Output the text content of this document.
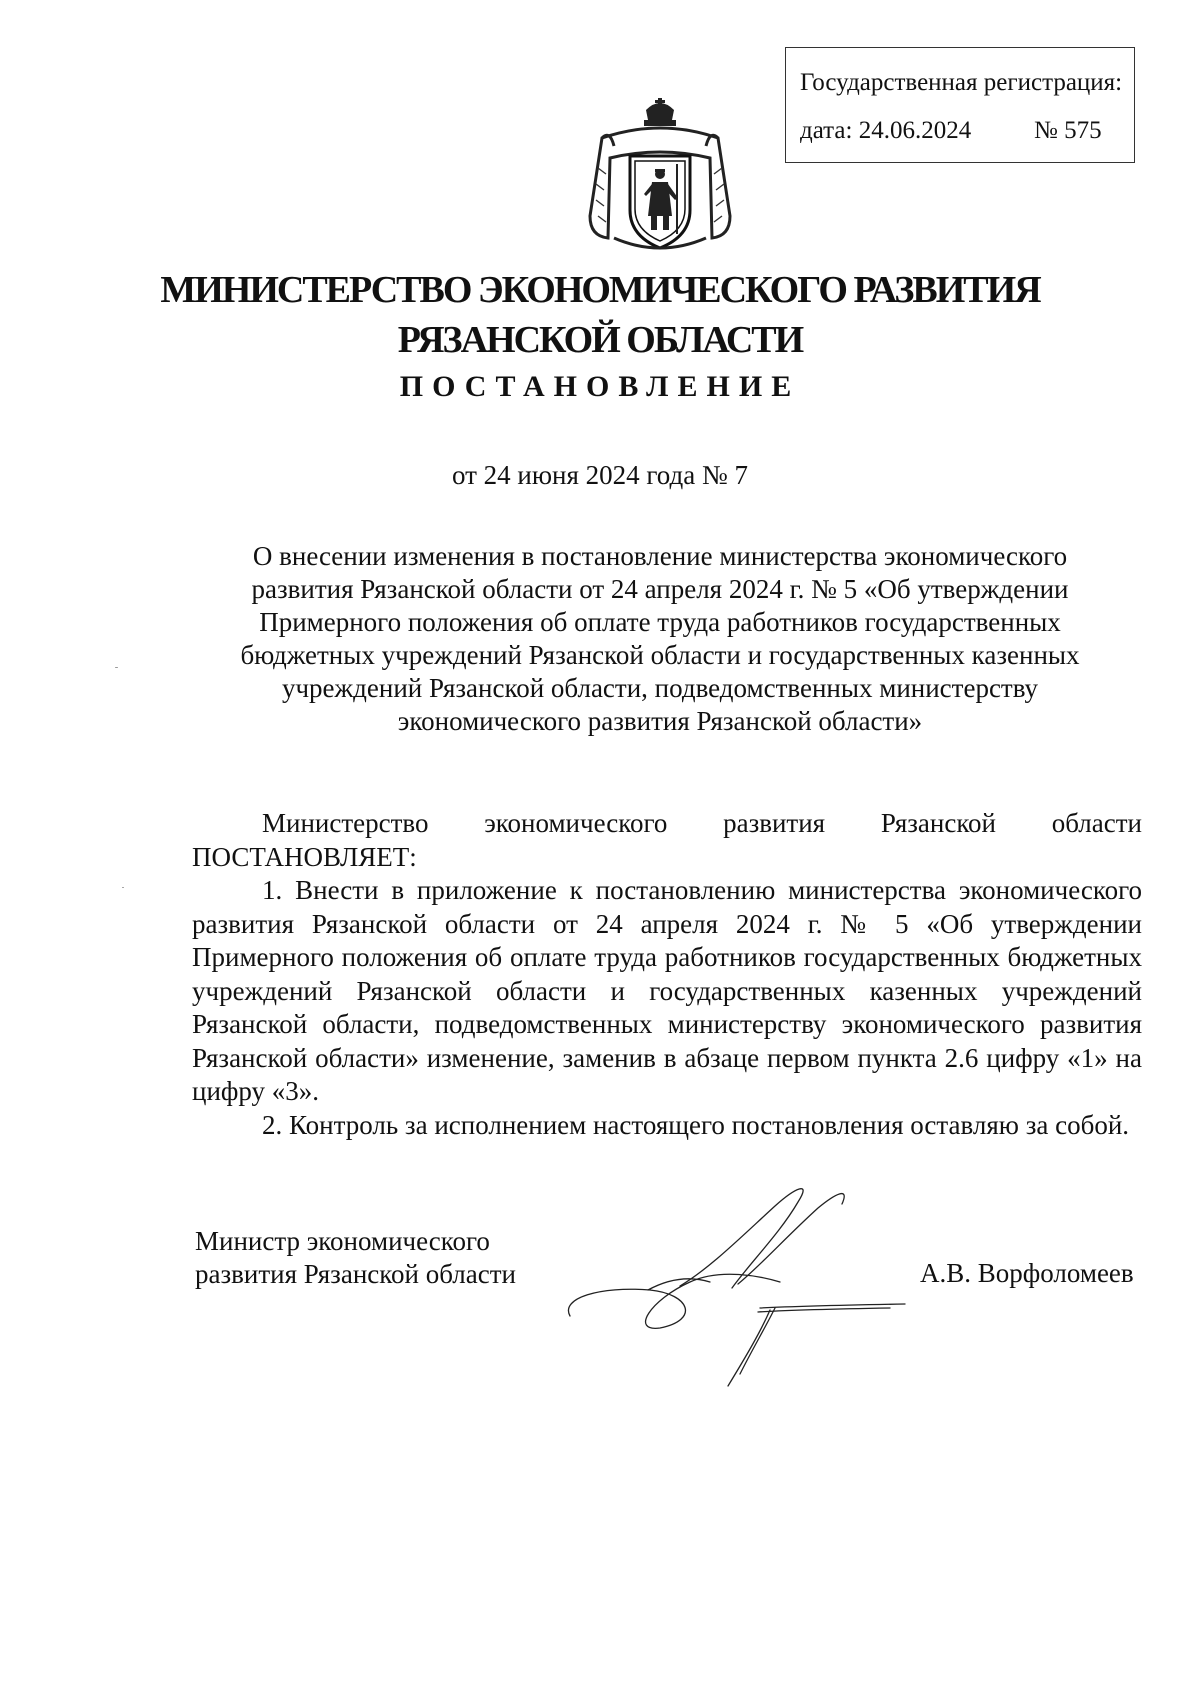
Государственная регистрация:
дата: 24.06.2024	№ 575
МИНИСТЕРСТВО ЭКОНОМИЧЕСКОГО РАЗВИТИЯ
РЯЗАНСКОЙ ОБЛАСТИ
ПОСТАНОВЛЕНИЕ
от 24 июня 2024 года № 7
О внесении изменения в постановление министерства экономического развития Рязанской области от 24 апреля 2024 г. № 5 «Об утверждении Примерного положения об оплате труда работников государственных бюджетных учреждений Рязанской области и государственных казенных учреждений Рязанской области, подведомственных министерству экономического развития Рязанской области»

Министерство экономического развития Рязанской области

ПОСТАНОВЛЯЕТ:

1. Внести в приложение к постановлению министерства экономического развития Рязанской области от 24 апреля 2024 г. № 5 «Об утверждении Примерного положения об оплате труда работников государственных бюджетных учреждений Рязанской области и государственных казенных учреждений Рязанской области, подведомственных министерству экономического развития Рязанской области» изменение, заменив в абзаце первом пункта 2.6 цифру «1» на цифру «3».

2. Контроль за исполнением настоящего постановления оставляю за собой.

Министр экономического
развития Рязанской области	А.В. Ворфоломеев
